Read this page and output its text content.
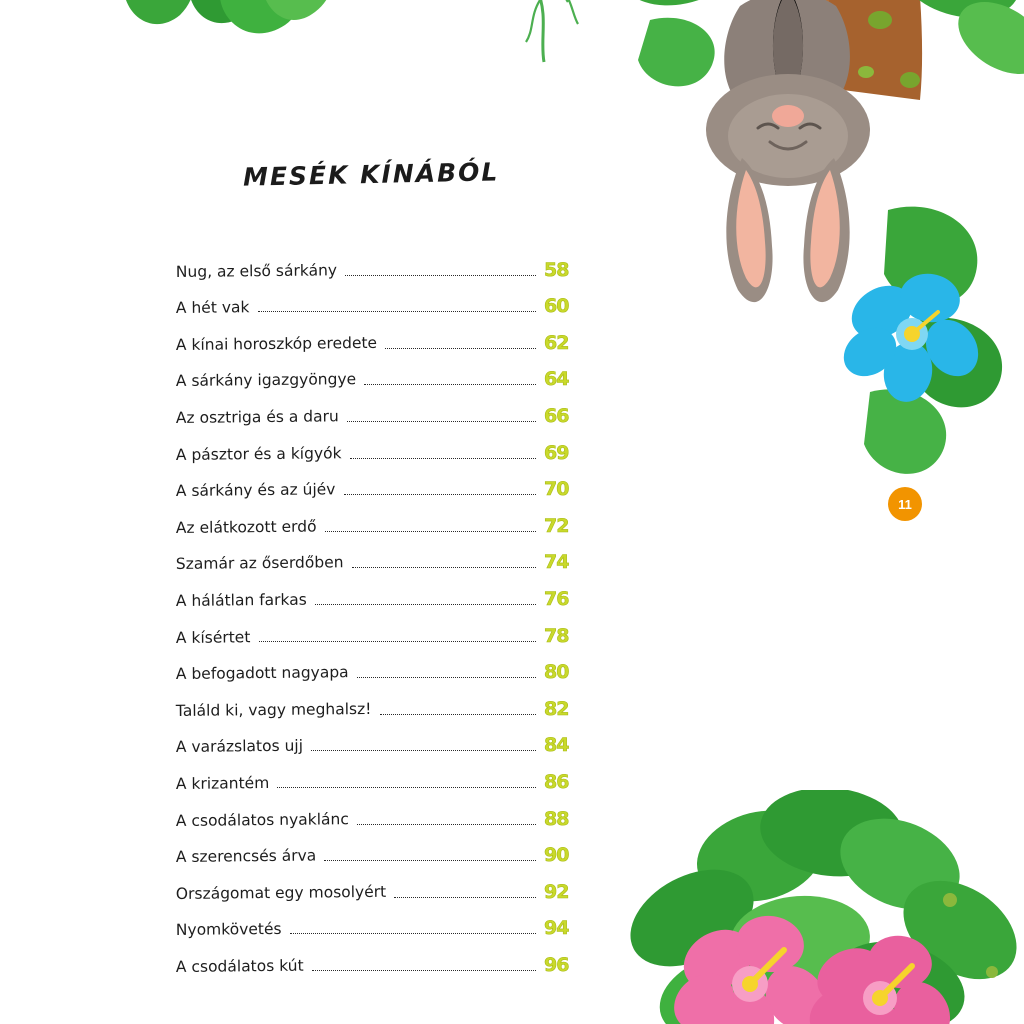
11
MESÉK KÍNÁBÓL
Nug, az első sárkány	58
A hét vak	60
A kínai horoszkóp eredete	62
A sárkány igazgyöngye	64
Az osztriga és a daru	66
A pásztor és a kígyók	69
A sárkány és az újév	70
Az elátkozott erdő	72
Szamár az őserdőben	74
A hálátlan farkas	76
A kísértet	78
A befogadott nagyapa	80
Találd ki, vagy meghalsz!	82
A varázslatos ujj	84
A krizantém	86
A csodálatos nyaklánc	88
A szerencsés árva	90
Országomat egy mosolyért	92
Nyomkövetés	94
A csodálatos kút	96
